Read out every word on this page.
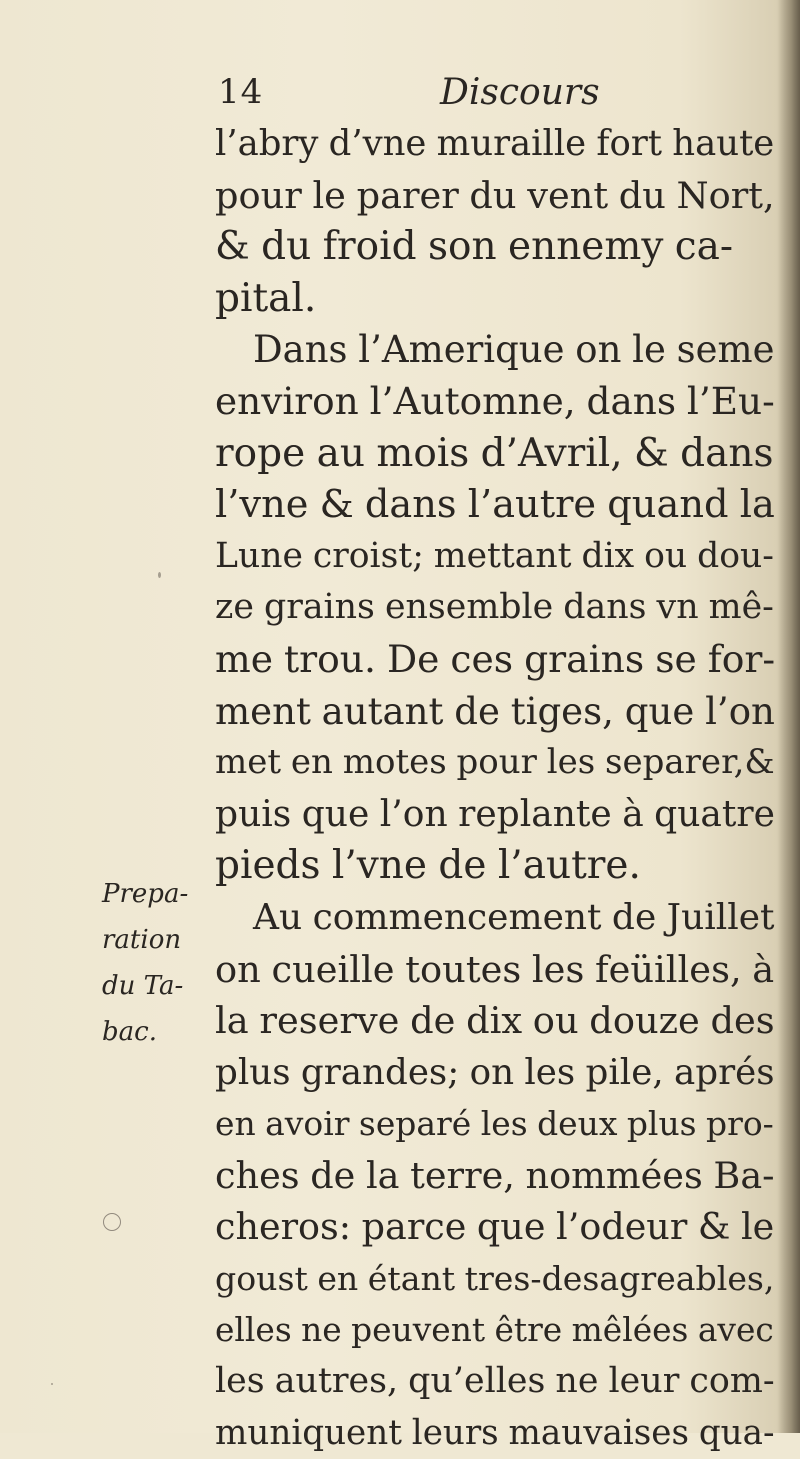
14	Discours
l’abry d’vne muraille fort haute
pour le parer du vent du Nort,
& du froid son ennemy ca-
pital.
Dans l’Amerique on le seme
environ l’Automne, dans l’Eu-
rope au mois d’Avril, & dans
l’vne & dans l’autre quand la
Lune croist; mettant dix ou dou-
ze grains ensemble dans vn mê-
me trou. De ces grains se for-
ment autant de tiges, que l’on
met en motes pour les separer,&
puis que l’on replante à quatre
pieds l’vne de l’autre.
Au commencement de Juillet
on cueille toutes les feüilles, à
la reserve de dix ou douze des
plus grandes; on les pile, aprés
en avoir separé les deux plus pro-
ches de la terre, nommées Ba-
cheros: parce que l’odeur & le
goust en étant tres-desagreables,
elles ne peuvent être mêlées avec
les autres, qu’elles ne leur com-
muniquent leurs mauvaises qua-
Prepa-
ration
du Ta-
bac.
